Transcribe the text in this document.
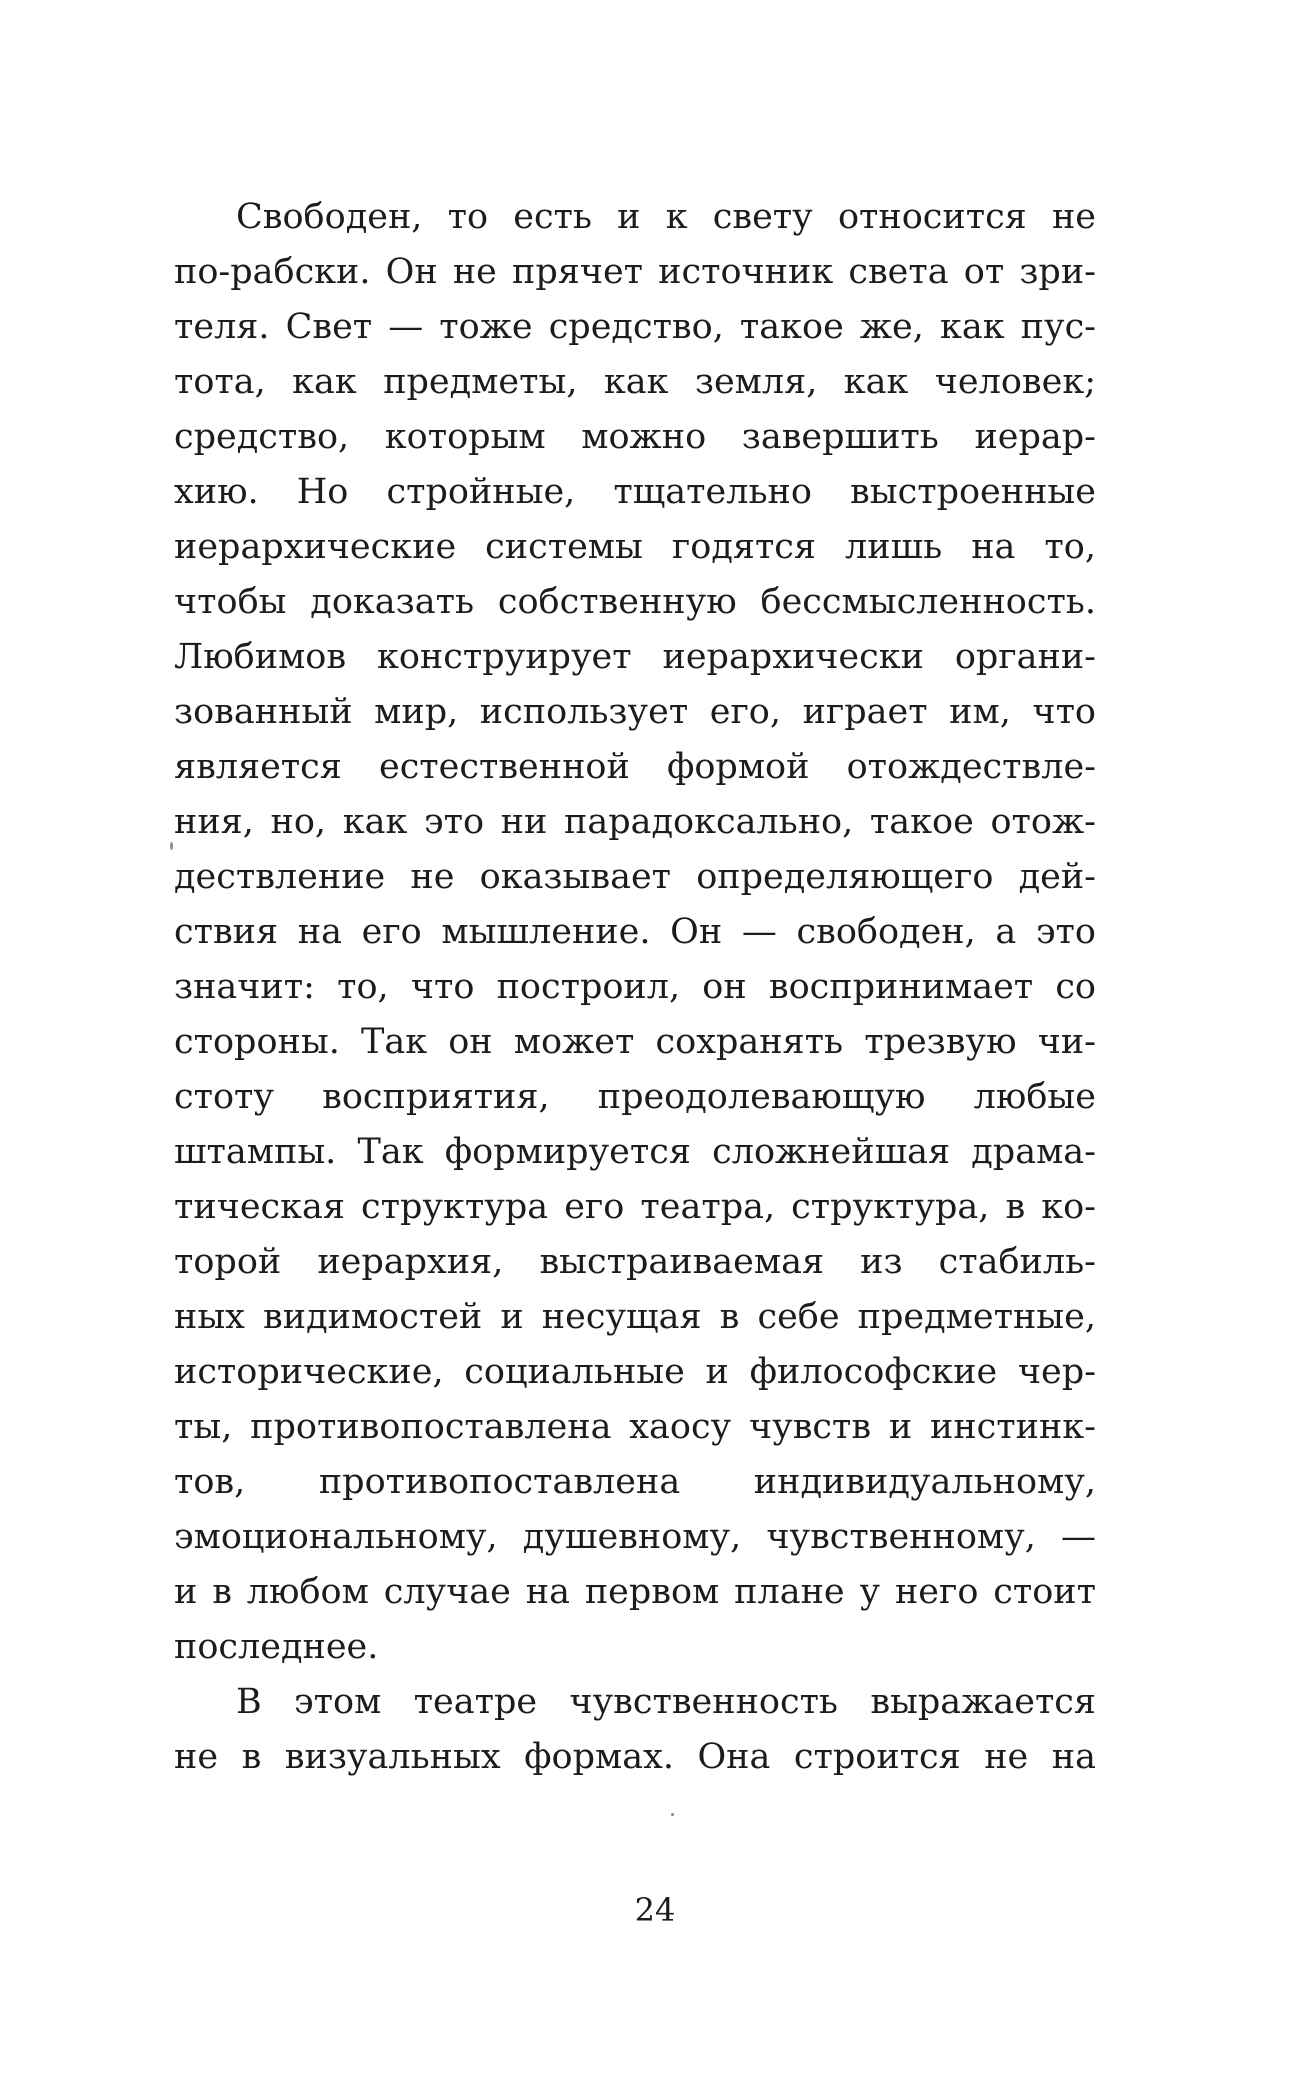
Свободен, то есть и к свету относится не
по-рабски. Он не прячет источник света от зри-
теля. Свет — тоже средство, такое же, как пус-
тота, как предметы, как земля, как человек;
средство, которым можно завершить иерар-
хию. Но стройные, тщательно выстроенные
иерархические системы годятся лишь на то,
чтобы доказать собственную бессмысленность.
Любимов конструирует иерархически органи-
зованный мир, использует его, играет им, что
является естественной формой отождествле-
ния, но, как это ни парадоксально, такое отож-
дествление не оказывает определяющего дей-
ствия на его мышление. Он — свободен, а это
значит: то, что построил, он воспринимает со
стороны. Так он может сохранять трезвую чи-
стоту восприятия, преодолевающую любые
штампы. Так формируется сложнейшая драма-
тическая структура его театра, структура, в ко-
торой иерархия, выстраиваемая из стабиль-
ных видимостей и несущая в себе предметные,
исторические, социальные и философские чер-
ты, противопоставлена хаосу чувств и инстинк-
тов, противопоставлена индивидуальному,
эмоциональному, душевному, чувственному, —
и в любом случае на первом плане у него стоит
последнее.
В этом театре чувственность выражается
не в визуальных формах. Она строится не на
24
